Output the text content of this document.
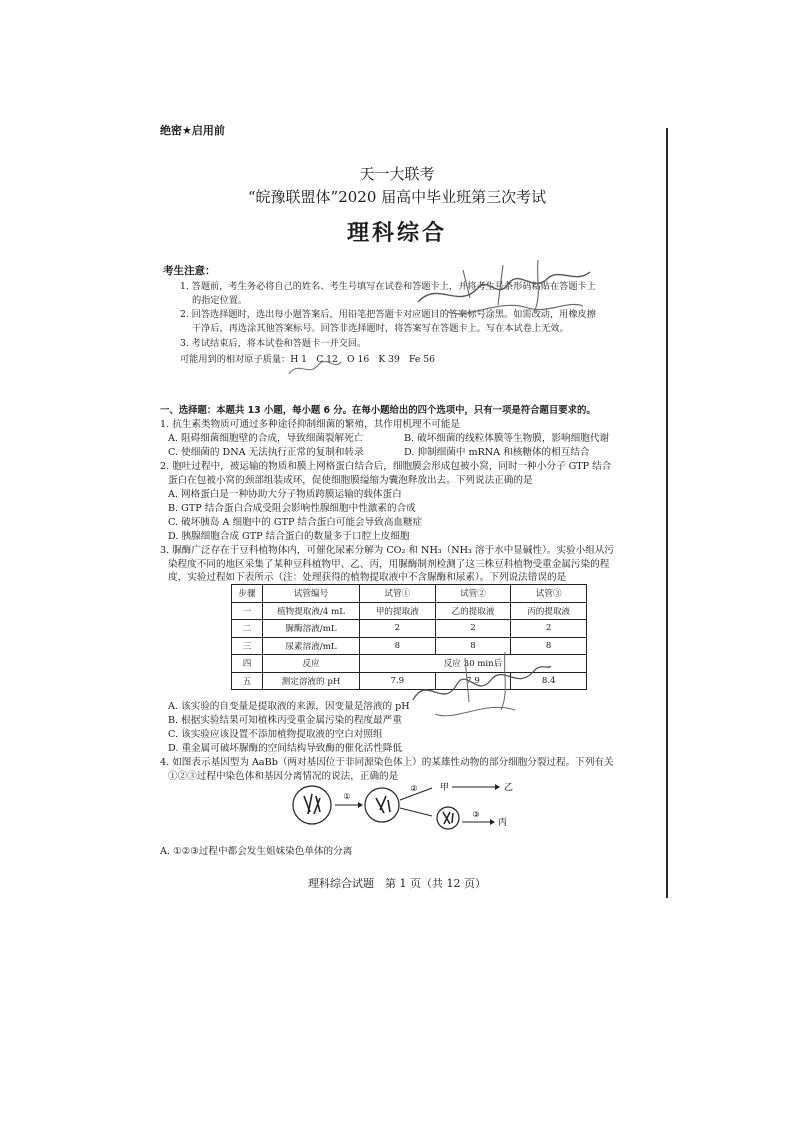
绝密★启用前
天一大联考
“皖豫联盟体”2020 届高中毕业班第三次考试
理科综合
考生注意：
1. 答题前，考生务必将自己的姓名、考生号填写在试卷和答题卡上，并将考生号条形码粘贴在答题卡上
的指定位置。
2. 回答选择题时，选出每小题答案后，用铅笔把答题卡对应题目的答案标号涂黑。如需改动，用橡皮擦
干净后，再选涂其他答案标号。回答非选择题时，将答案写在答题卡上。写在本试卷上无效。
3. 考试结束后，将本试卷和答题卡一并交回。
可能用到的相对原子质量：H 1　C 12　O 16　K 39　Fe 56
一、选择题：本题共 13 小题，每小题 6 分。在每小题给出的四个选项中，只有一项是符合题目要求的。
1. 抗生素类物质可通过多种途径抑制细菌的繁殖，其作用机理不可能是
A. 阻碍细菌细胞壁的合成，导致细菌裂解死亡	B. 破坏细菌的线粒体膜等生物膜，影响细胞代谢
C. 使细菌的 DNA 无法执行正常的复制和转录	D. 抑制细菌中 mRNA 和核糖体的相互结合
2. 胞吐过程中，被运输的物质和膜上网格蛋白结合后，细胞膜会形成包被小窝，同时一种小分子 GTP 结合
蛋白在包被小窝的颈部组装成环，促使细胞膜缢缩为囊泡释放出去。下列说法正确的是
A. 网格蛋白是一种协助大分子物质跨膜运输的载体蛋白
B. GTP 结合蛋白合成受阻会影响性腺细胞中性激素的合成
C. 破坏胰岛 A 细胞中的 GTP 结合蛋白可能会导致高血糖症
D. 胰腺细胞合成 GTP 结合蛋白的数量多于口腔上皮细胞
3. 脲酶广泛存在于豆科植物体内，可催化尿素分解为 CO₂ 和 NH₃（NH₃ 溶于水中显碱性）。实验小组从污
染程度不同的地区采集了某种豆科植物甲、乙、丙，用脲酶制剂检测了这三株豆科植物受重金属污染的程
度，实验过程如下表所示（注：处理获得的植物提取液中不含脲酶和尿素）。下列说法错误的是
步骤	试管编号	试管①	试管②	试管③
一	植物提取液/4 mL	甲的提取液	乙的提取液	丙的提取液
二	脲酶溶液/mL	2	2	2
三	尿素溶液/mL	8	8	8
四	反应	反应 30 min后		
五	测定溶液的 pH	7.9	7.9	8.4
A. 该实验的自变量是提取液的来源，因变量是溶液的 pH
B. 根据实验结果可知植株丙受重金属污染的程度最严重
C. 该实验应该设置不添加植物提取液的空白对照组
D. 重金属可破坏脲酶的空间结构导致酶的催化活性降低
4. 如图表示基因型为 AaBb（两对基因位于非同源染色体上）的某雄性动物的部分细胞分裂过程。下列有关
①②③过程中染色体和基因分离情况的说法，正确的是
①
② 甲	乙
③
丙
A. ①②③过程中都会发生姐妹染色单体的分离
理科综合试题　第 1 页（共 12 页）
